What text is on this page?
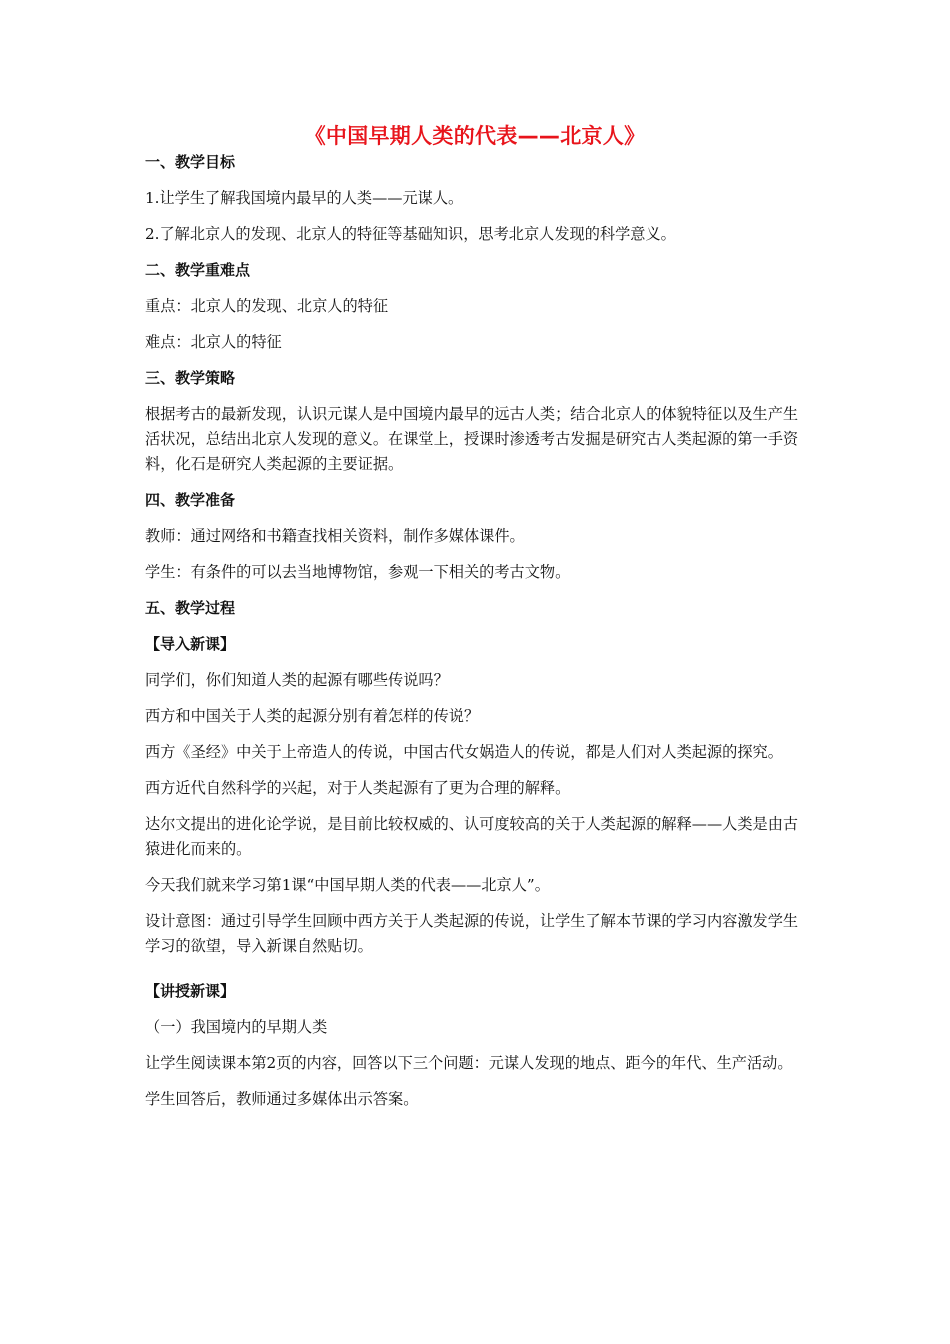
《中国早期人类的代表——北京人》

一、教学目标

1.让学生了解我国境内最早的人类——元谋人。

2.了解北京人的发现、北京人的特征等基础知识，思考北京人发现的科学意义。

二、教学重难点

重点：北京人的发现、北京人的特征

难点：北京人的特征

三、教学策略

根据考古的最新发现，认识元谋人是中国境内最早的远古人类；结合北京人的体貌特征以及生产生活状况，总结出北京人发现的意义。在课堂上，授课时渗透考古发掘是研究古人类起源的第一手资料，化石是研究人类起源的主要证据。

四、教学准备

教师：通过网络和书籍查找相关资料，制作多媒体课件。

学生：有条件的可以去当地博物馆，参观一下相关的考古文物。

五、教学过程

【导入新课】

同学们，你们知道人类的起源有哪些传说吗？

西方和中国关于人类的起源分别有着怎样的传说？

西方《圣经》中关于上帝造人的传说，中国古代女娲造人的传说，都是人们对人类起源的探究。

西方近代自然科学的兴起，对于人类起源有了更为合理的解释。

达尔文提出的进化论学说，是目前比较权威的、认可度较高的关于人类起源的解释——人类是由古猿进化而来的。

今天我们就来学习第1课“中国早期人类的代表——北京人”。

设计意图：通过引导学生回顾中西方关于人类起源的传说，让学生了解本节课的学习内容激发学生学习的欲望，导入新课自然贴切。

【讲授新课】

（一）我国境内的早期人类

让学生阅读课本第2页的内容，回答以下三个问题：元谋人发现的地点、距今的年代、生产活动。

学生回答后，教师通过多媒体出示答案。
